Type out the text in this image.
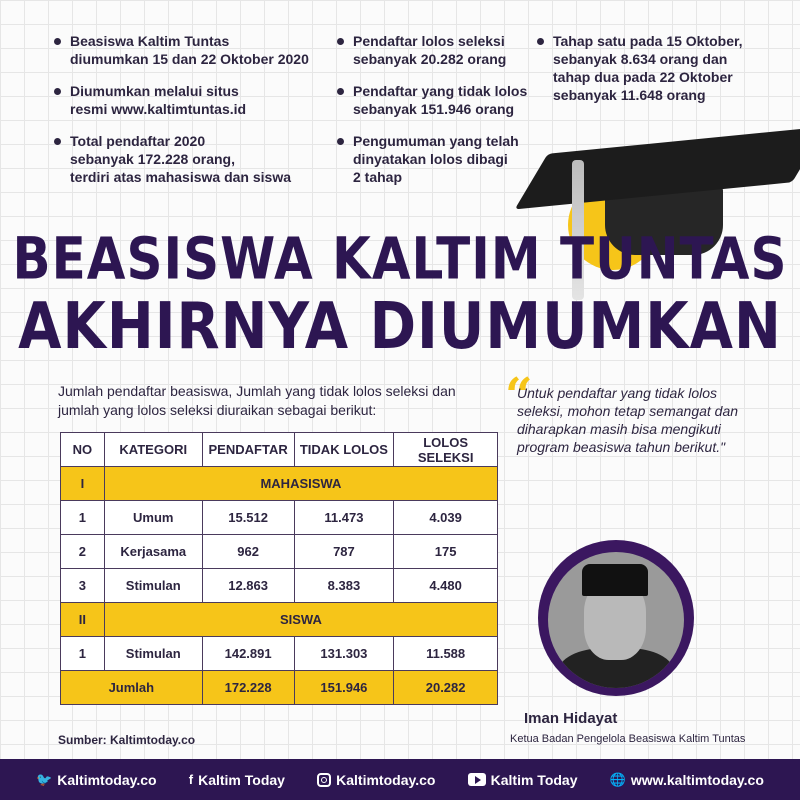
Beasiswa Kaltim Tuntas
diumumkan 15 dan 22 Oktober 2020
Diumumkan melalui situs
resmi www.kaltimtuntas.id
Total pendaftar 2020
sebanyak 172.228 orang,
terdiri atas mahasiswa dan siswa
Pendaftar lolos seleksi
sebanyak 20.282 orang
Pendaftar yang tidak lolos
sebanyak 151.946 orang
Pengumuman yang telah
dinyatakan lolos dibagi
2 tahap
Tahap satu pada 15 Oktober,
sebanyak 8.634 orang dan
tahap dua pada 22 Oktober
sebanyak 11.648 orang
BEASISWA KALTIM TUNTAS
AKHIRNYA DIUMUMKAN
Jumlah pendaftar beasiswa, Jumlah yang tidak lolos seleksi dan jumlah yang lolos seleksi diuraikan sebagai berikut:
NO	KATEGORI	PENDAFTAR	TIDAK LOLOS	LOLOS SELEKSI
I	MAHASISWA			
1	Umum	15.512	11.473	4.039
2	Kerjasama	962	787	175
3	Stimulan	12.863	8.383	4.480
II	SISWA			
1	Stimulan	142.891	131.303	11.588
Jumlah		172.228	151.946	20.282
Sumber: Kaltimtoday.co
“
Untuk pendaftar yang tidak lolos seleksi, mohon tetap semangat dan diharapkan masih bisa mengikuti program beasiswa tahun berikut."
Iman Hidayat
Ketua Badan Pengelola Beasiswa Kaltim Tuntas
🐦 Kaltimtoday.co f Kaltim Today	Kaltimtoday.co	Kaltim Today 🌐 www.kaltimtoday.co
